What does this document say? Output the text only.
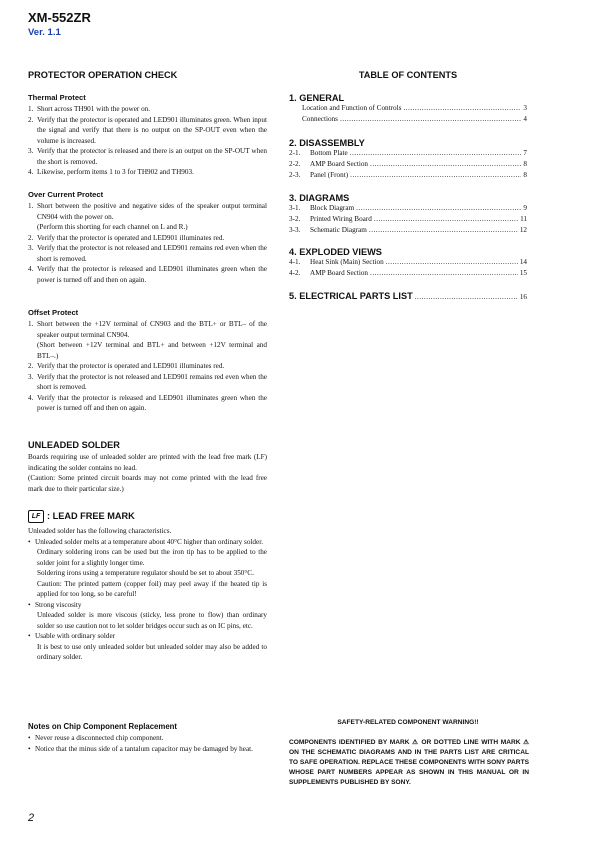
XM-552ZR
Ver. 1.1
PROTECTOR OPERATION CHECK
Thermal Protect
1. Short across TH901 with the power on.
2. Verify that the protector is operated and LED901 illuminates green. When input the signal and verify that there is no output on the SP-OUT even when the volume is increased.
3. Verify that the protector is released and there is an output on the SP-OUT when the short is removed.
4. Likewise, perform items 1 to 3 for TH902 and TH903.
Over Current Protect
1. Short between the positive and negative sides of the speaker output terminal CN904 with the power on.
(Perform this shorting for each channel on L and R.)
2. Verify that the protector is operated and LED901 illuminates red.
3. Verify that the protector is not released and LED901 remains red even when the short is removed.
4. Verify that the protector is released and LED901 illuminates green when the power is turned off and then on again.
Offset Protect
1. Short between the +12V terminal of CN903 and the BTL+ or BTL– of the speaker output terminal CN904.
(Short between +12V terminal and BTL+ and between +12V terminal and BTL–.)
2. Verify that the protector is operated and LED901 illuminates red.
3. Verify that the protector is not released and LED901 remains red even when the short is removed.
4. Verify that the protector is released and LED901 illuminates green when the power is turned off and then on again.
UNLEADED SOLDER
Boards requiring use of unleaded solder are printed with the lead free mark (LF) indicating the solder contains no lead.
(Caution: Some printed circuit boards may not come printed with the lead free mark due to their particular size.)
LF : LEAD FREE MARK
Unleaded solder has the following characteristics.
• Unleaded solder melts at a temperature about 40°C higher than ordinary solder.
Ordinary soldering irons can be used but the iron tip has to be applied to the solder joint for a slightly longer time.
Soldering irons using a temperature regulator should be set to about 350°C.
Caution: The printed pattern (copper foil) may peel away if the heated tip is applied for too long, so be careful!
• Strong viscosity
Unleaded solder is more viscous (sticky, less prone to flow) than ordinary solder so use caution not to let solder bridges occur such as on IC pins, etc.
• Usable with ordinary solder
It is best to use only unleaded solder but unleaded solder may also be added to ordinary solder.
Notes on Chip Component Replacement
• Never reuse a disconnected chip component.
• Notice that the minus side of a tantalum capacitor may be damaged by heat.
TABLE OF CONTENTS
1. GENERAL
Location and Function of Controls .....	3
Connections .....	4
2. DISASSEMBLY
2-1. Bottom Plate .....	7
2-2. AMP Board Section .....	8
2-3. Panel (Front) .....	8
3. DIAGRAMS
3-1. Block Diagram .....	9
3-2. Printed Wiring Board .....	11
3-3. Schematic Diagram .....	12
4. EXPLODED VIEWS
4-1. Heat Sink (Main) Section .....	14
4-2. AMP Board Section .....	15
5. ELECTRICAL PARTS LIST .....	16
SAFETY-RELATED COMPONENT WARNING!!
COMPONENTS IDENTIFIED BY MARK ⚠ OR DOTTED LINE WITH MARK ⚠ ON THE SCHEMATIC DIAGRAMS AND IN THE PARTS LIST ARE CRITICAL TO SAFE OPERATION. REPLACE THESE COMPONENTS WITH SONY PARTS WHOSE PART NUMBERS APPEAR AS SHOWN IN THIS MANUAL OR IN SUPPLEMENTS PUBLISHED BY SONY.
2
